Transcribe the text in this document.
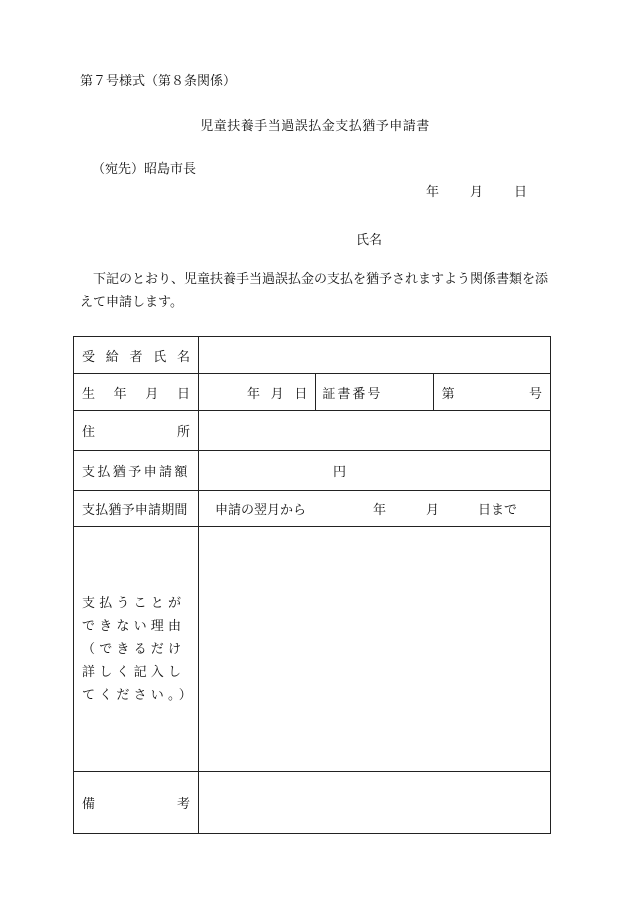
第７号様式（第８条関係）
児童扶養手当過誤払金支払猶予申請書
（宛先）昭島市長
年 月 日
氏名
下記のとおり、児童扶養手当過誤払金の支払を猶予されますよう関係書類を添えて申請します。
受 給 者 氏 名			

生 年 月 日	年 月 日	証書番号	第 号

住 所			

支払猶予申請額	円		
支払猶予申請期間	申請の翌月から 年 月 日まで		

支払うことができない理由（できるだけ詳しく記入してください。）			

備 考			
